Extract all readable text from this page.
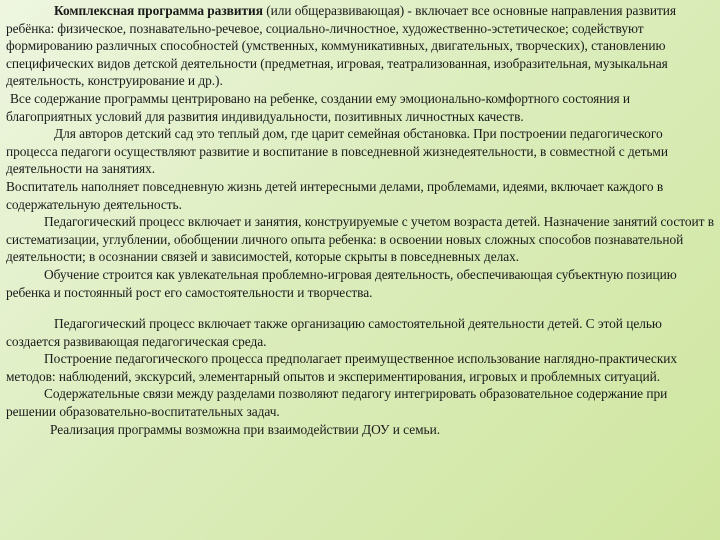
Комплексная программа развития (или общеразвивающая) - включает все основные направления развития ребёнка: физическое, познавательно-речевое, социально-личностное, художественно-эстетическое; содействуют формированию различных способностей (умственных, коммуникативных, двигательных, творческих), становлению специфических видов детской деятельности (предметная, игровая, театрализованная, изобразительная, музыкальная деятельность, конструирование и др.).

Все содержание программы центрировано на ребенке, создании ему эмоционально-комфортного состояния и благоприятных условий для развития индивидуальности, позитивных личностных качеств.

Для авторов детский сад это теплый дом, где царит семейная обстановка. При построении педагогического процесса педагоги осуществляют развитие и воспитание в повседневной жизнедеятельности, в совместной с детьми деятельности на занятиях.

Воспитатель наполняет повседневную жизнь детей интересными делами, проблемами, идеями, включает каждого в содержательную деятельность.

Педагогический процесс включает и занятия, конструируемые с учетом возраста детей. Назначение занятий состоит в систематизации, углублении, обобщении личного опыта ребенка: в освоении новых сложных способов познавательной деятельности; в осознании связей и зависимостей, которые скрыты в повседневных делах.

Обучение строится как увлекательная проблемно-игровая деятельность, обеспечивающая субъектную позицию ребенка и постоянный рост его самостоятельности и творчества.

Педагогический процесс включает также организацию самостоятельной деятельности детей. С этой целью создается развивающая педагогическая среда.

Построение педагогического процесса предполагает преимущественное использование наглядно-практических методов: наблюдений, экскурсий, элементарный опытов и экспериментирования, игровых и проблемных ситуаций.

Содержательные связи между разделами позволяют педагогу интегрировать образовательное содержание при решении образовательно-воспитательных задач.

Реализация программы возможна при взаимодействии ДОУ и семьи.
